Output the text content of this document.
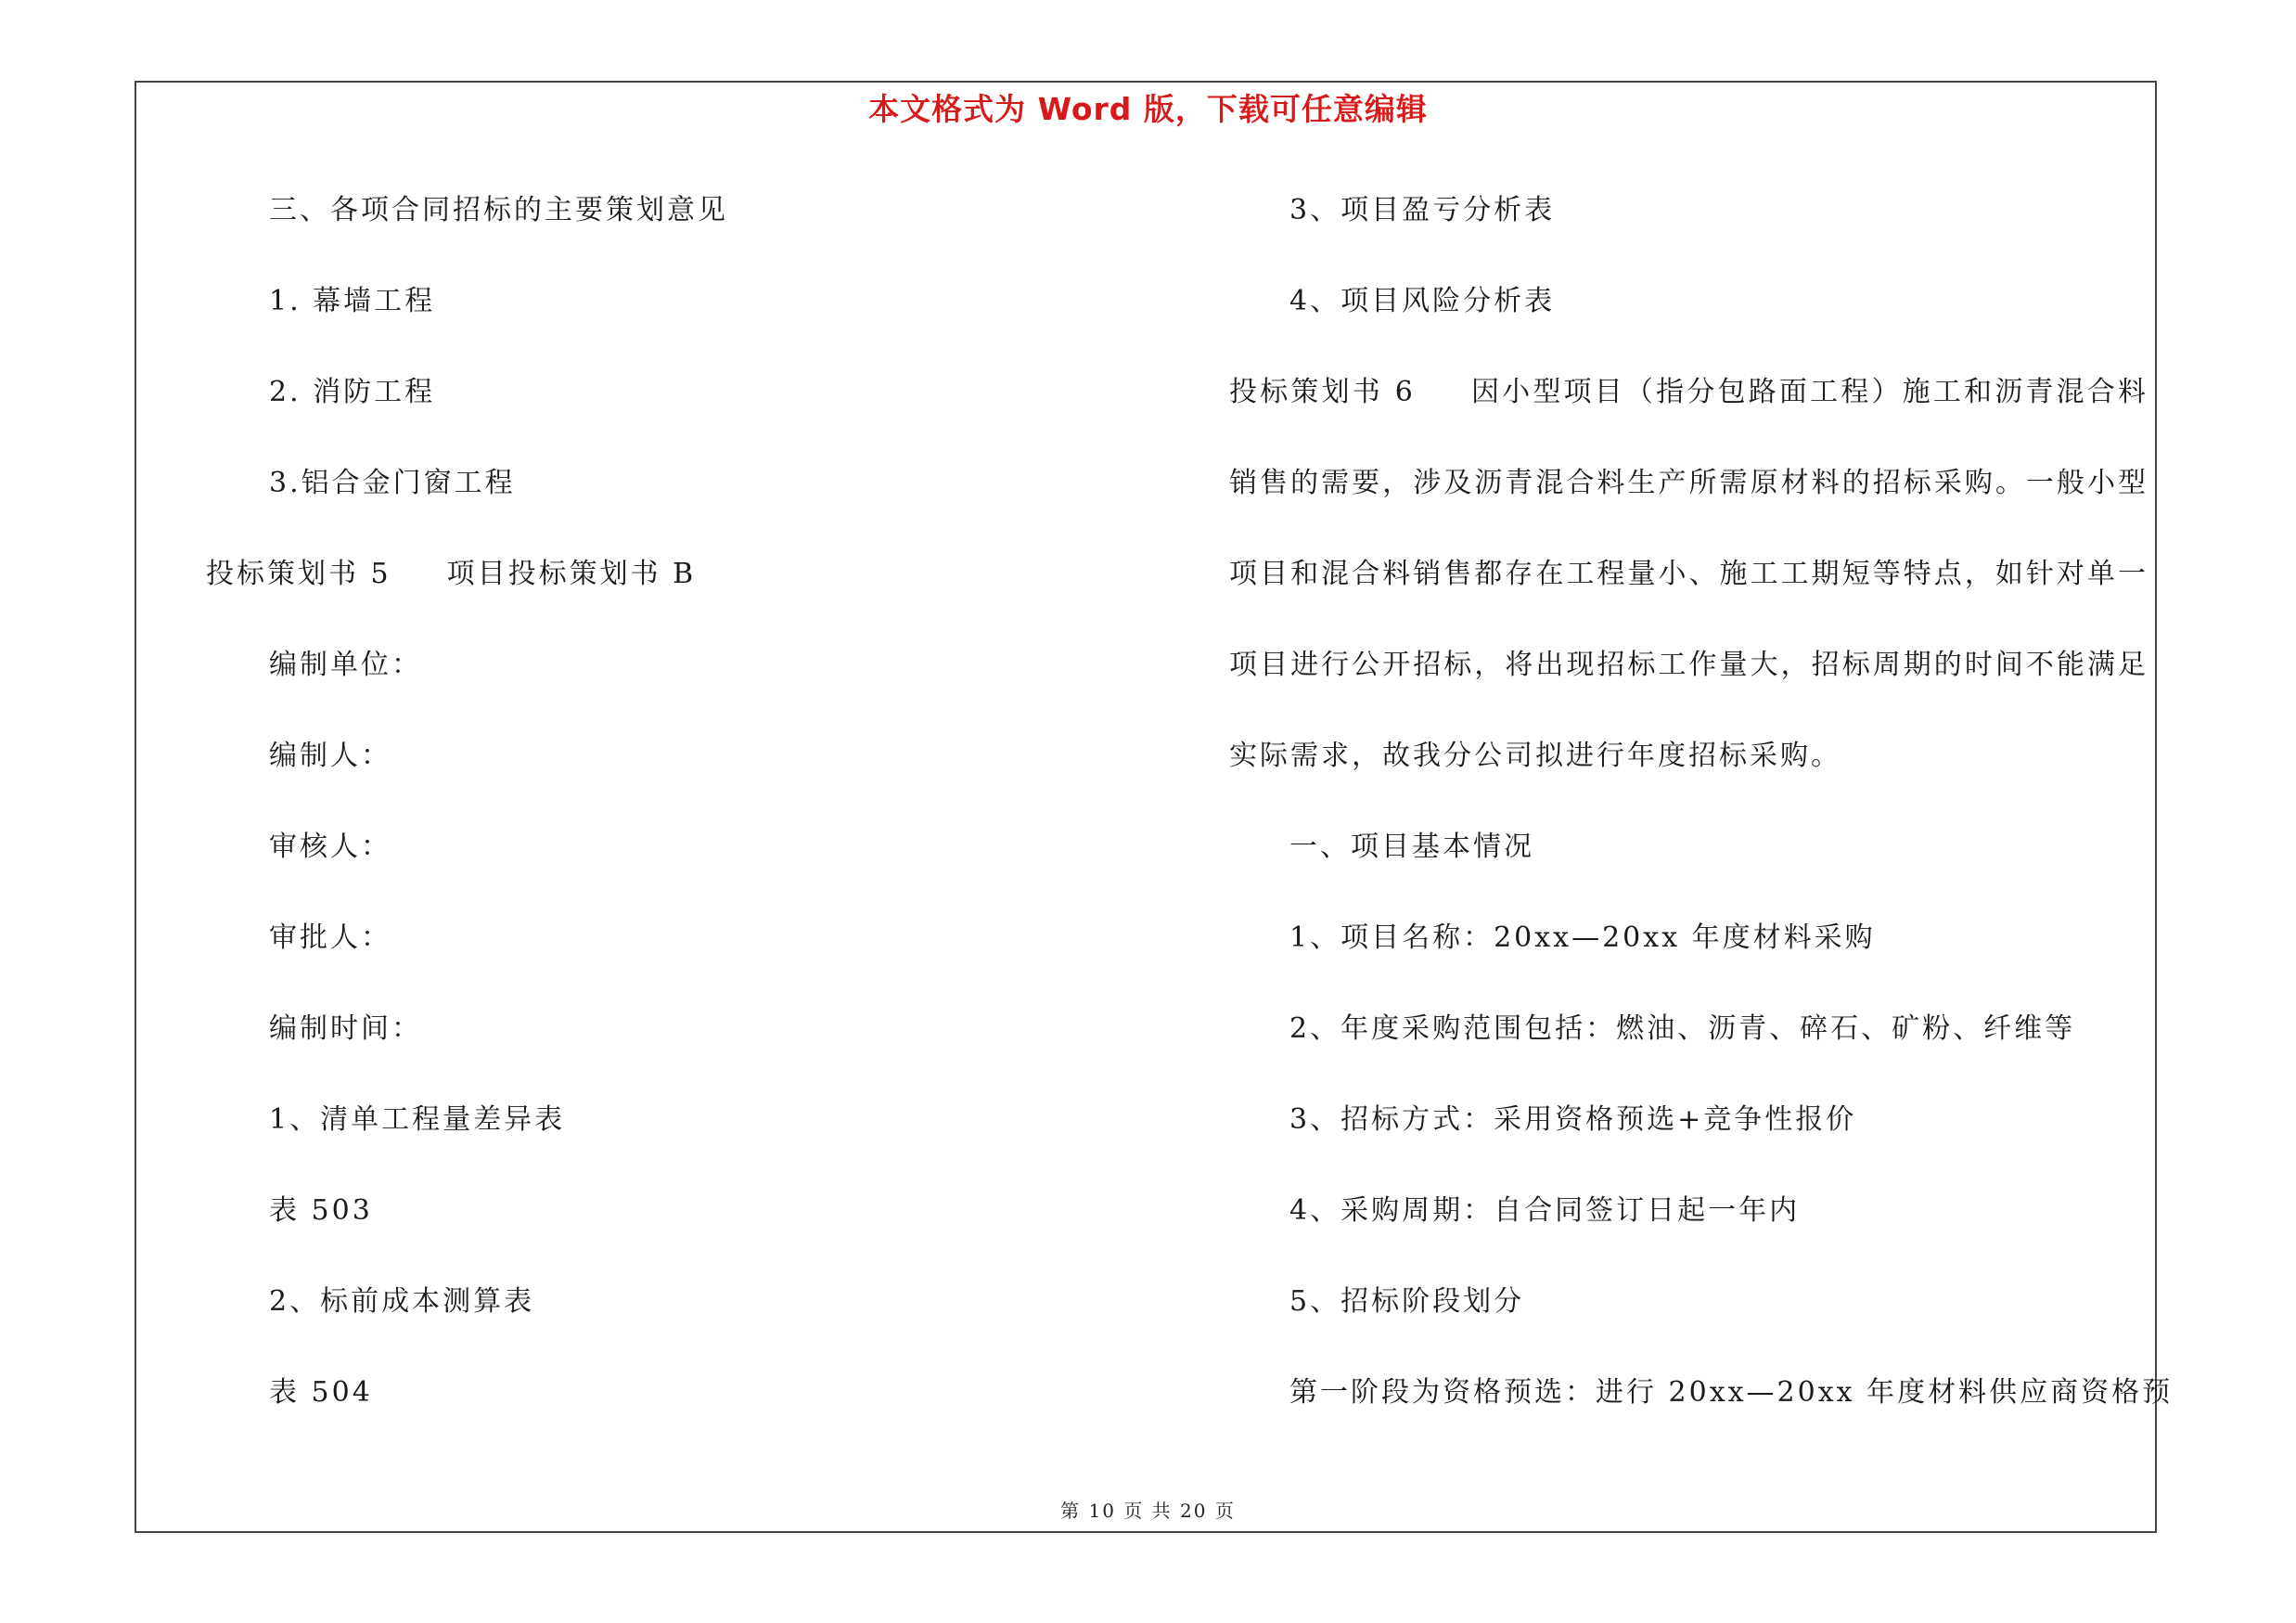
本文格式为 Word 版，下载可任意编辑
三、各项合同招标的主要策划意见
1. 幕墙工程
2. 消防工程
3.铝合金门窗工程
投标策划书 5 项目投标策划书 B
编制单位：
编制人：
审核人：
审批人：
编制时间：
1、清单工程量差异表
表 503
2、标前成本测算表
表 504
3、项目盈亏分析表
4、项目风险分析表
投标策划书 6 因小型项目（指分包路面工程）施工和沥青混合料
销售的需要，涉及沥青混合料生产所需原材料的招标采购。一般小型
项目和混合料销售都存在工程量小、施工工期短等特点，如针对单一
项目进行公开招标，将出现招标工作量大，招标周期的时间不能满足
实际需求，故我分公司拟进行年度招标采购。
一、项目基本情况
1、项目名称：20xx—20xx 年度材料采购
2、年度采购范围包括：燃油、沥青、碎石、矿粉、纤维等
3、招标方式：采用资格预选+竞争性报价
4、采购周期：自合同签订日起一年内
5、招标阶段划分
第一阶段为资格预选：进行 20xx—20xx 年度材料供应商资格预
第 10 页 共 20 页
